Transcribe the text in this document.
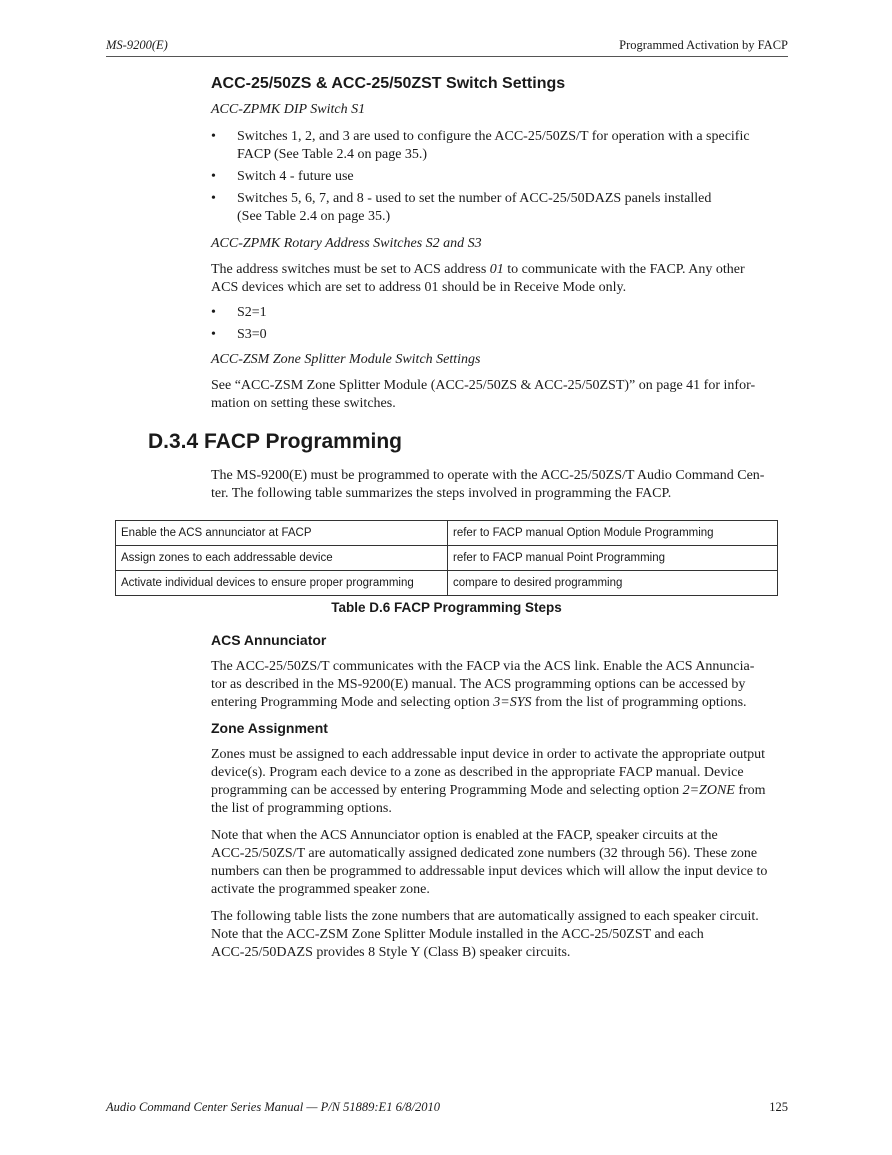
MS-9200(E)	Programmed Activation by FACP
ACC-25/50ZS & ACC-25/50ZST Switch Settings

ACC-ZPMK DIP Switch S1

• Switches 1, 2, and 3 are used to configure the ACC-25/50ZS/T for operation with a specific
FACP (See Table 2.4 on page 35.)
• Switch 4 - future use
• Switches 5, 6, 7, and 8 - used to set the number of ACC-25/50DAZS panels installed
(See Table 2.4 on page 35.)

ACC-ZPMK Rotary Address Switches S2 and S3

The address switches must be set to ACS address 01 to communicate with the FACP. Any other
ACS devices which are set to address 01 should be in Receive Mode only.

• S2=1
• S3=0

ACC-ZSM Zone Splitter Module Switch Settings

See “ACC-ZSM Zone Splitter Module (ACC-25/50ZS & ACC-25/50ZST)” on page 41 for infor-
mation on setting these switches.

D.3.4 FACP Programming

The MS-9200(E) must be programmed to operate with the ACC-25/50ZS/T Audio Command Cen-
ter. The following table summarizes the steps involved in programming the FACP.

Enable the ACS annunciator at FACP	refer to FACP manual Option Module Programming
Assign zones to each addressable device	refer to FACP manual Point Programming
Activate individual devices to ensure proper programming	compare to desired programming
Table D.6 FACP Programming Steps
ACS Annunciator

The ACC-25/50ZS/T communicates with the FACP via the ACS link. Enable the ACS Annuncia-
tor as described in the MS-9200(E) manual. The ACS programming options can be accessed by
entering Programming Mode and selecting option 3=SYS from the list of programming options.

Zone Assignment

Zones must be assigned to each addressable input device in order to activate the appropriate output
device(s). Program each device to a zone as described in the appropriate FACP manual. Device
programming can be accessed by entering Programming Mode and selecting option 2=ZONE from
the list of programming options.

Note that when the ACS Annunciator option is enabled at the FACP, speaker circuits at the
ACC-25/50ZS/T are automatically assigned dedicated zone numbers (32 through 56). These zone
numbers can then be programmed to addressable input devices which will allow the input device to
activate the programmed speaker zone.

The following table lists the zone numbers that are automatically assigned to each speaker circuit.
Note that the ACC-ZSM Zone Splitter Module installed in the ACC-25/50ZST and each
ACC-25/50DAZS provides 8 Style Y (Class B) speaker circuits.

Audio Command Center Series Manual — P/N 51889:E1 6/8/2010	125
